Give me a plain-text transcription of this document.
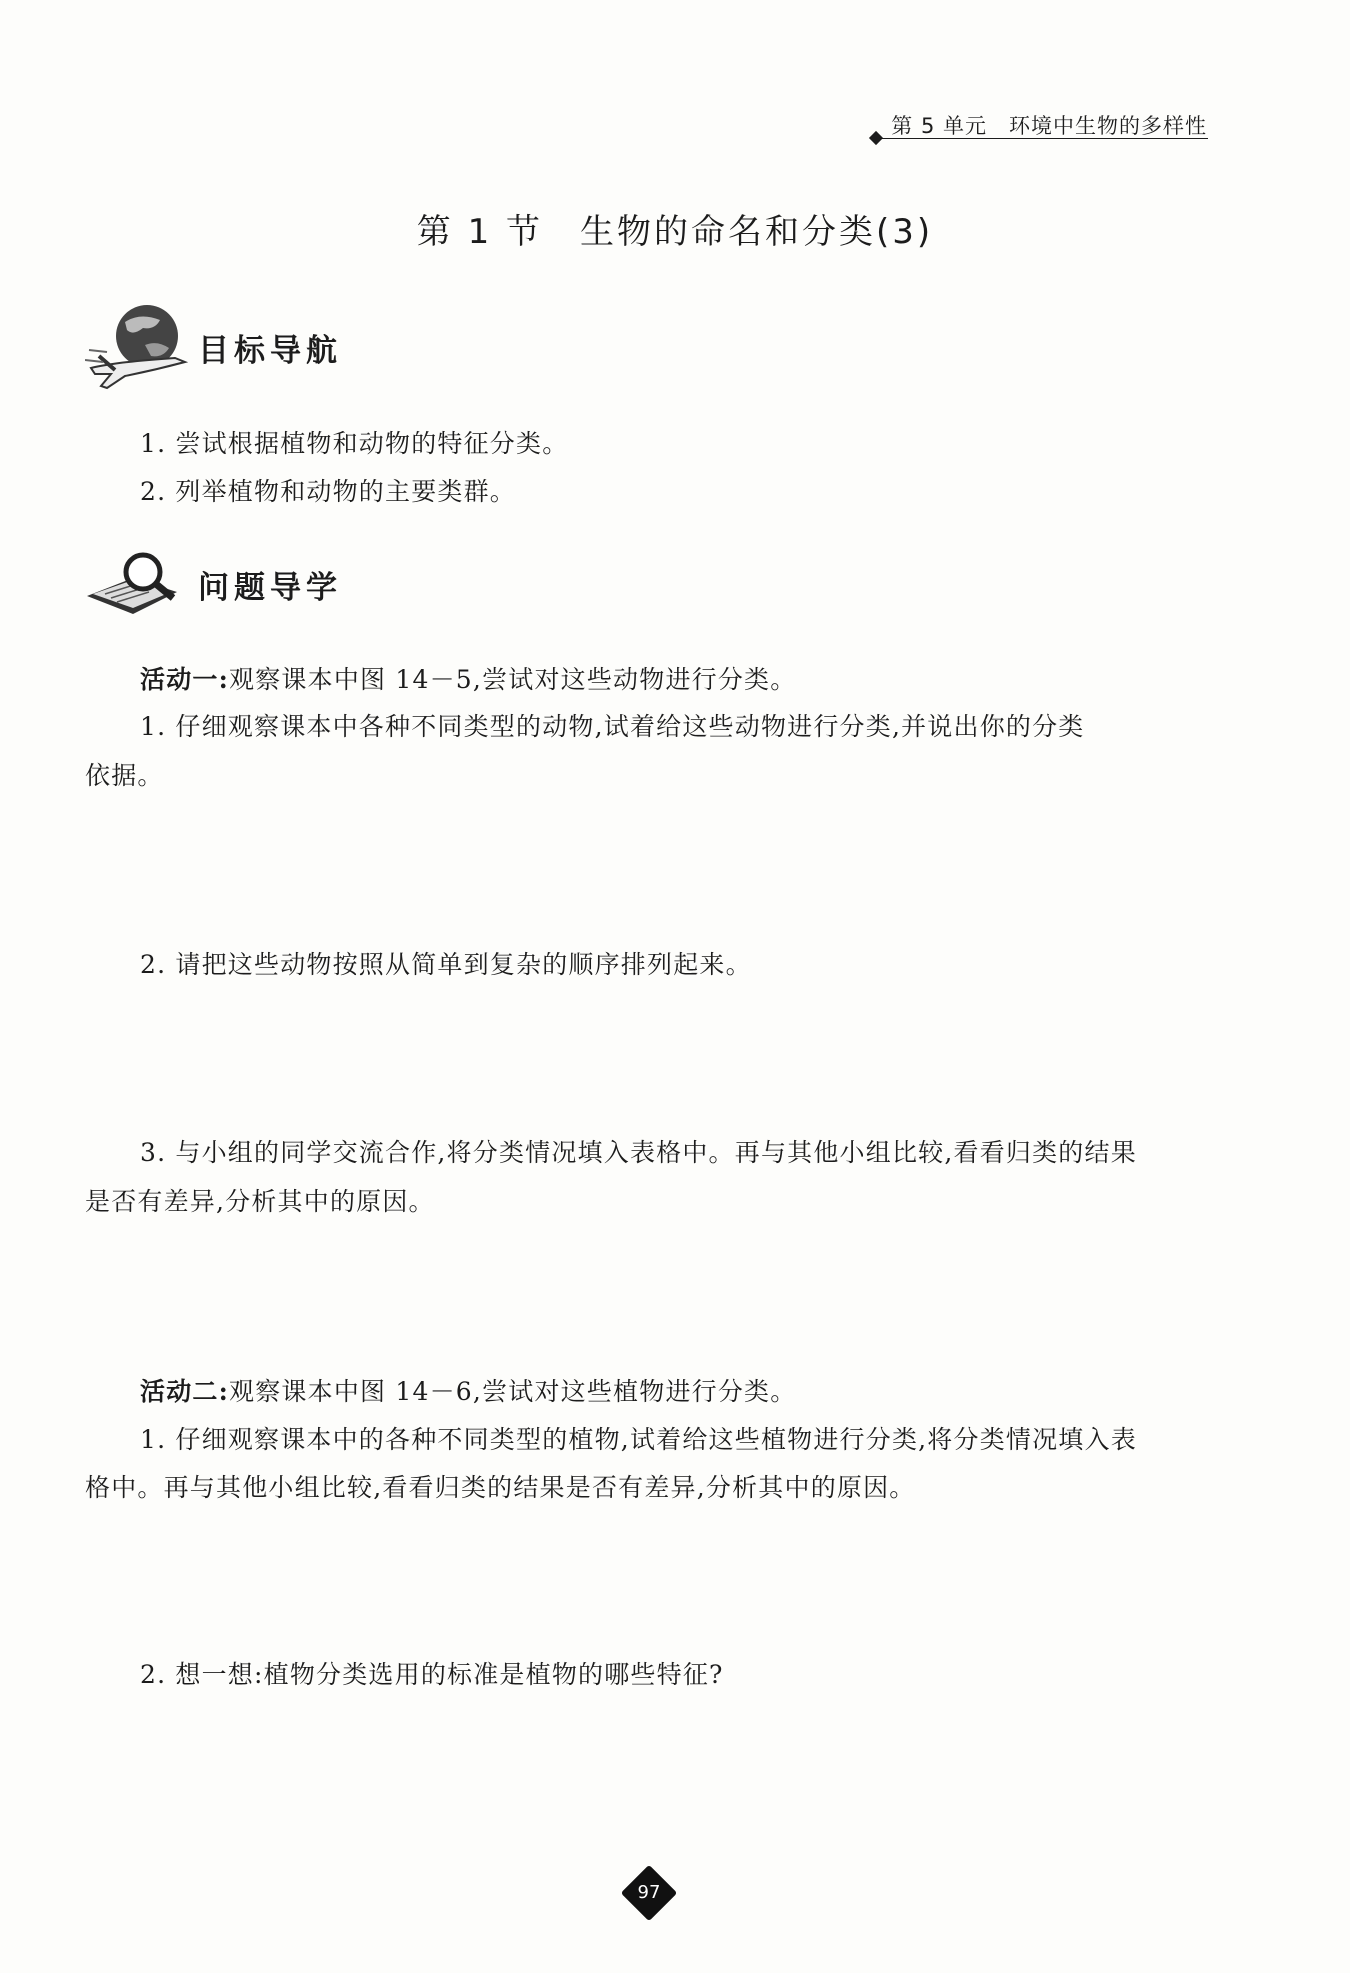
第 5 单元　环境中生物的多样性
第 1 节　生物的命名和分类(3)
目标导航
1. 尝试根据植物和动物的特征分类。
2. 列举植物和动物的主要类群。
问题导学
活动一:观察课本中图 14－5,尝试对这些动物进行分类。
1. 仔细观察课本中各种不同类型的动物,试着给这些动物进行分类,并说出你的分类
依据。
2. 请把这些动物按照从简单到复杂的顺序排列起来。
3. 与小组的同学交流合作,将分类情况填入表格中。再与其他小组比较,看看归类的结果
是否有差异,分析其中的原因。
活动二:观察课本中图 14－6,尝试对这些植物进行分类。
1. 仔细观察课本中的各种不同类型的植物,试着给这些植物进行分类,将分类情况填入表
格中。再与其他小组比较,看看归类的结果是否有差异,分析其中的原因。
2. 想一想:植物分类选用的标准是植物的哪些特征?
97
